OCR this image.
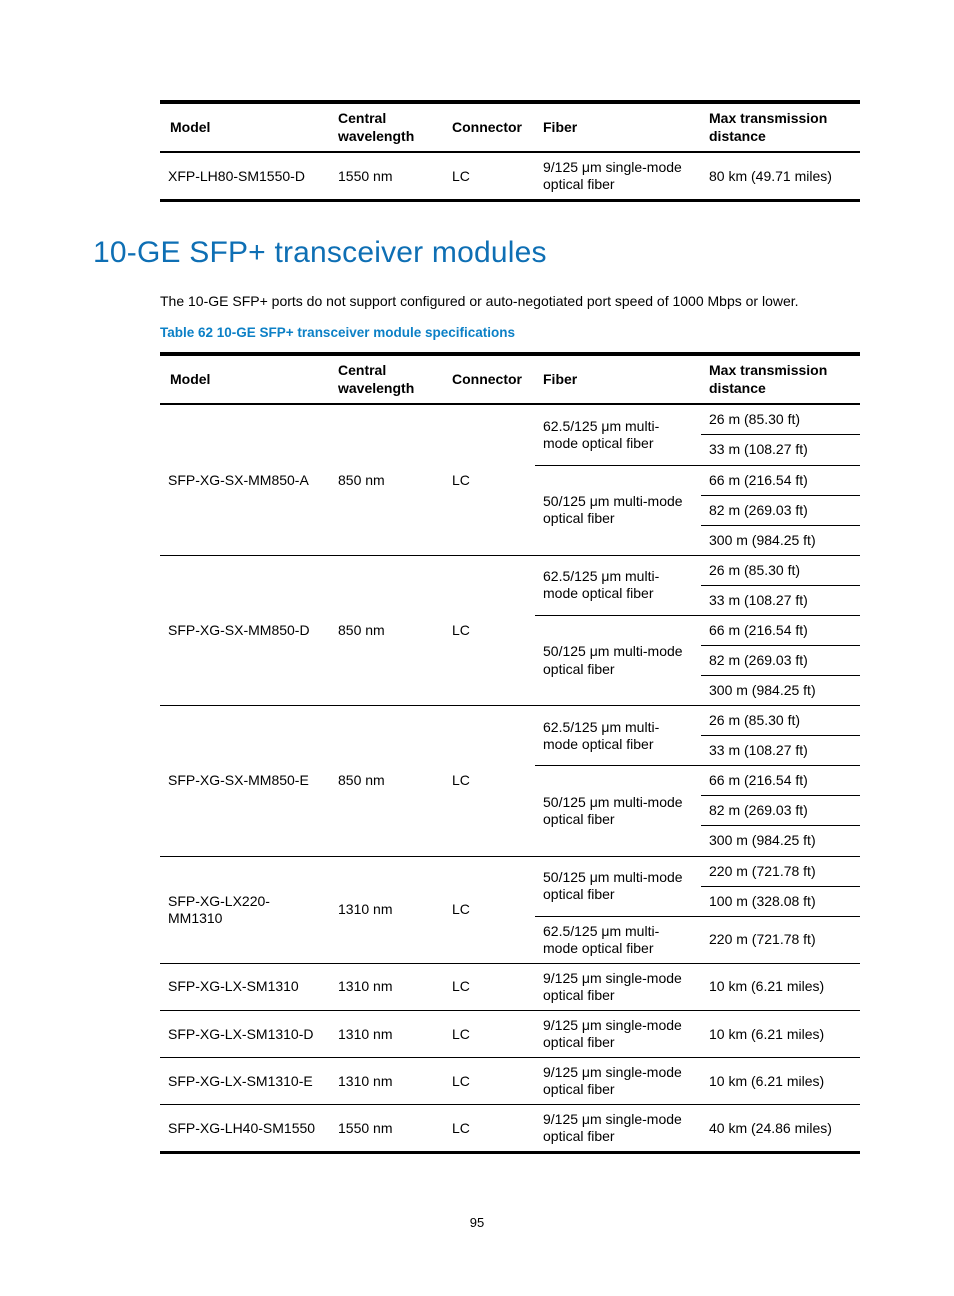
Model	Central wavelength	Connector	Fiber	Max transmission distance
XFP-LH80-SM1550-D	1550 nm	LC	9/125 μm single-mode optical fiber	80 km (49.71 miles)
10-GE SFP+ transceiver modules

The 10-GE SFP+ ports do not support configured or auto-negotiated port speed of 1000 Mbps or lower.

Table 62 10-GE SFP+ transceiver module specifications

Model	Central wavelength	Connector	Fiber	Max transmission distance
SFP-XG-SX-MM850-A	850 nm	LC	62.5/125 μm multi-mode optical fiber	26 m (85.30 ft)
				33 m (108.27 ft)
			50/125 μm multi-mode optical fiber	66 m (216.54 ft)
				82 m (269.03 ft)
				300 m (984.25 ft)
SFP-XG-SX-MM850-D	850 nm	LC	62.5/125 μm multi-mode optical fiber	26 m (85.30 ft)
				33 m (108.27 ft)
			50/125 μm multi-mode optical fiber	66 m (216.54 ft)
				82 m (269.03 ft)
				300 m (984.25 ft)
SFP-XG-SX-MM850-E	850 nm	LC	62.5/125 μm multi-mode optical fiber	26 m (85.30 ft)
				33 m (108.27 ft)
			50/125 μm multi-mode optical fiber	66 m (216.54 ft)
				82 m (269.03 ft)
				300 m (984.25 ft)
SFP-XG-LX220-MM1310	1310 nm	LC	50/125 μm multi-mode optical fiber	220 m (721.78 ft)
				100 m (328.08 ft)
			62.5/125 μm multi-mode optical fiber	220 m (721.78 ft)
SFP-XG-LX-SM1310	1310 nm	LC	9/125 μm single-mode optical fiber	10 km (6.21 miles)
SFP-XG-LX-SM1310-D	1310 nm	LC	9/125 μm single-mode optical fiber	10 km (6.21 miles)
SFP-XG-LX-SM1310-E	1310 nm	LC	9/125 μm single-mode optical fiber	10 km (6.21 miles)
SFP-XG-LH40-SM1550	1550 nm	LC	9/125 μm single-mode optical fiber	40 km (24.86 miles)
95
